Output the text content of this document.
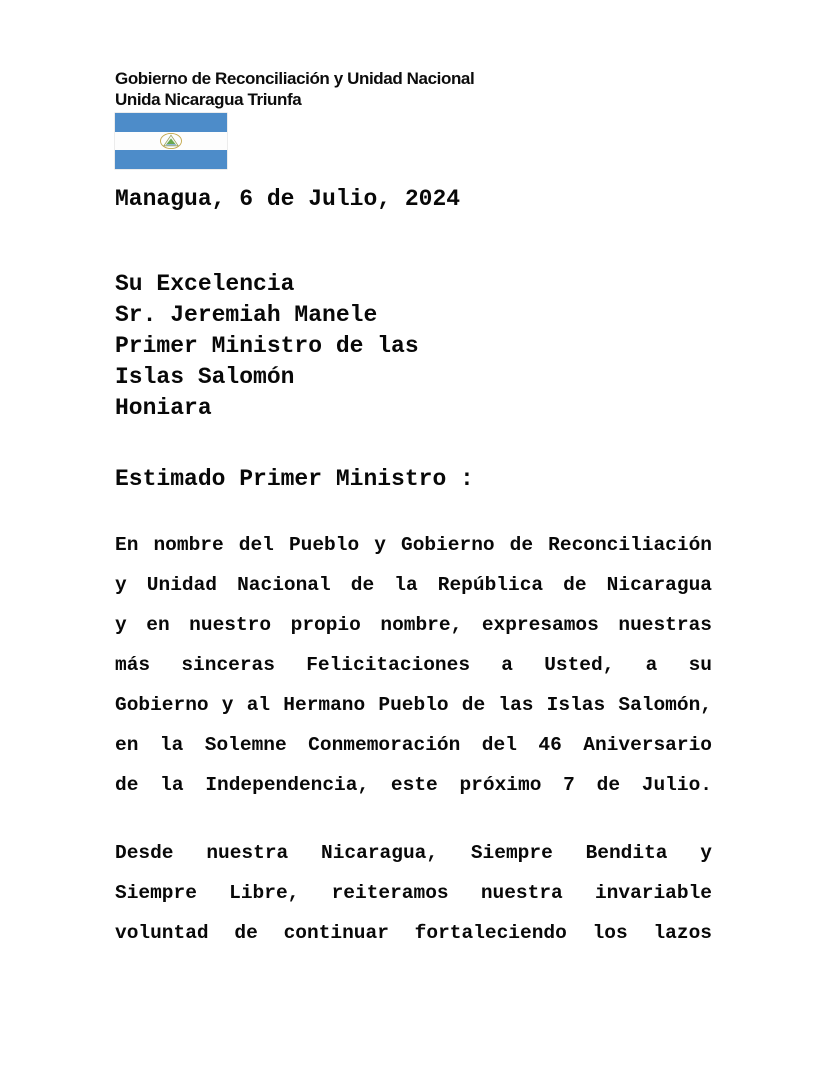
Gobierno de Reconciliación y Unidad Nacional
Unida Nicaragua Triunfa
Managua, 6 de Julio, 2024
Su Excelencia
Sr. Jeremiah Manele
Primer Ministro de las
Islas Salomón
Honiara
Estimado Primer Ministro :
En nombre del Pueblo y Gobierno de Reconciliación
y Unidad Nacional de la República de Nicaragua
y en nuestro propio nombre, expresamos nuestras
más sinceras Felicitaciones a Usted, a su
Gobierno y al Hermano Pueblo de las Islas Salomón,
en la Solemne Conmemoración del 46 Aniversario
de la Independencia, este próximo 7 de Julio.
Desde nuestra Nicaragua, Siempre Bendita y
Siempre Libre, reiteramos nuestra invariable
voluntad de continuar fortaleciendo los lazos
